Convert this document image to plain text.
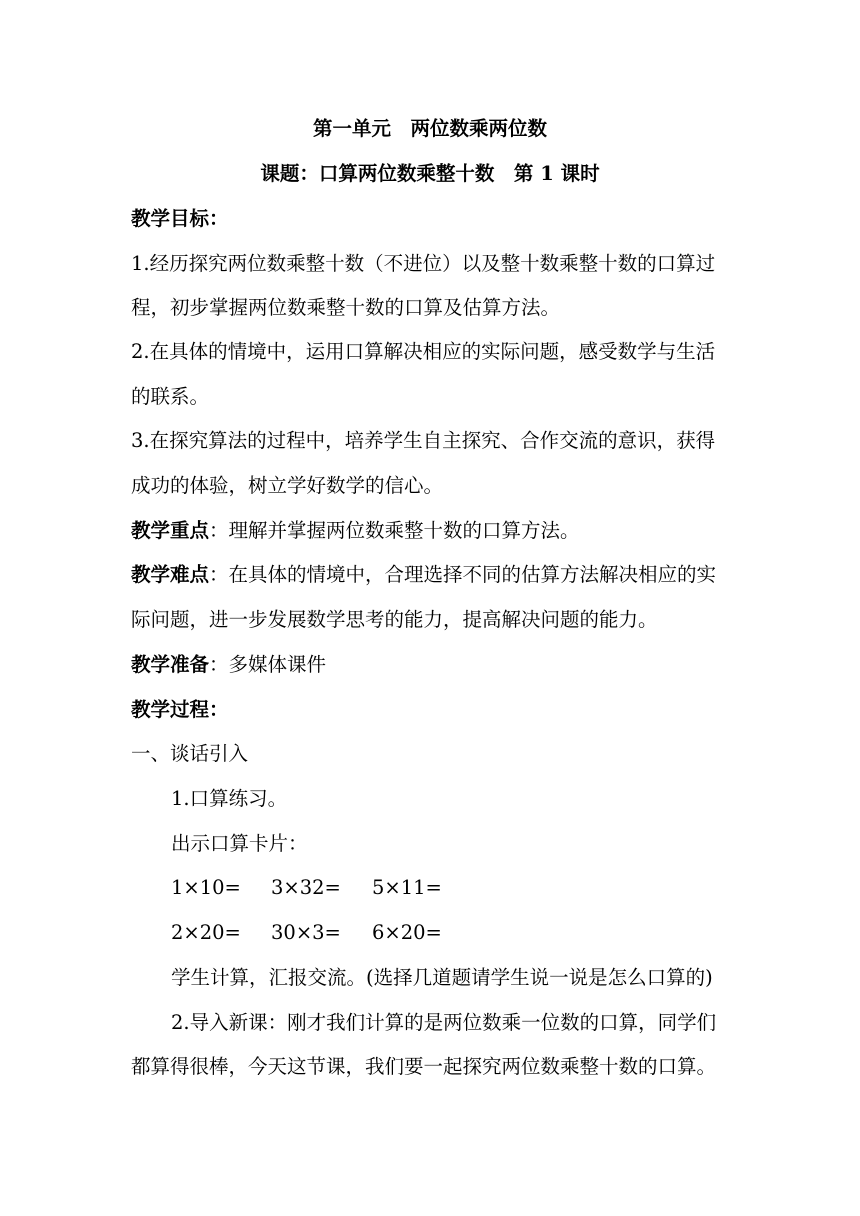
第一单元　两位数乘两位数
课题：口算两位数乘整十数　第 1 课时
教学目标：
1.经历探究两位数乘整十数（不进位）以及整十数乘整十数的口算过
程，初步掌握两位数乘整十数的口算及估算方法。
2.在具体的情境中，运用口算解决相应的实际问题，感受数学与生活
的联系。
3.在探究算法的过程中，培养学生自主探究、合作交流的意识，获得
成功的体验，树立学好数学的信心。
教学重点：理解并掌握两位数乘整十数的口算方法。
教学难点：在具体的情境中，合理选择不同的估算方法解决相应的实
际问题，进一步发展数学思考的能力，提高解决问题的能力。
教学准备：多媒体课件
教学过程：
一、谈话引入
1.口算练习。
出示口算卡片：
1×10= 3×32= 5×11=
2×20= 30×3= 6×20=
学生计算，汇报交流。(选择几道题请学生说一说是怎么口算的)
2.导入新课：刚才我们计算的是两位数乘一位数的口算，同学们
都算得很棒，今天这节课，我们要一起探究两位数乘整十数的口算。
